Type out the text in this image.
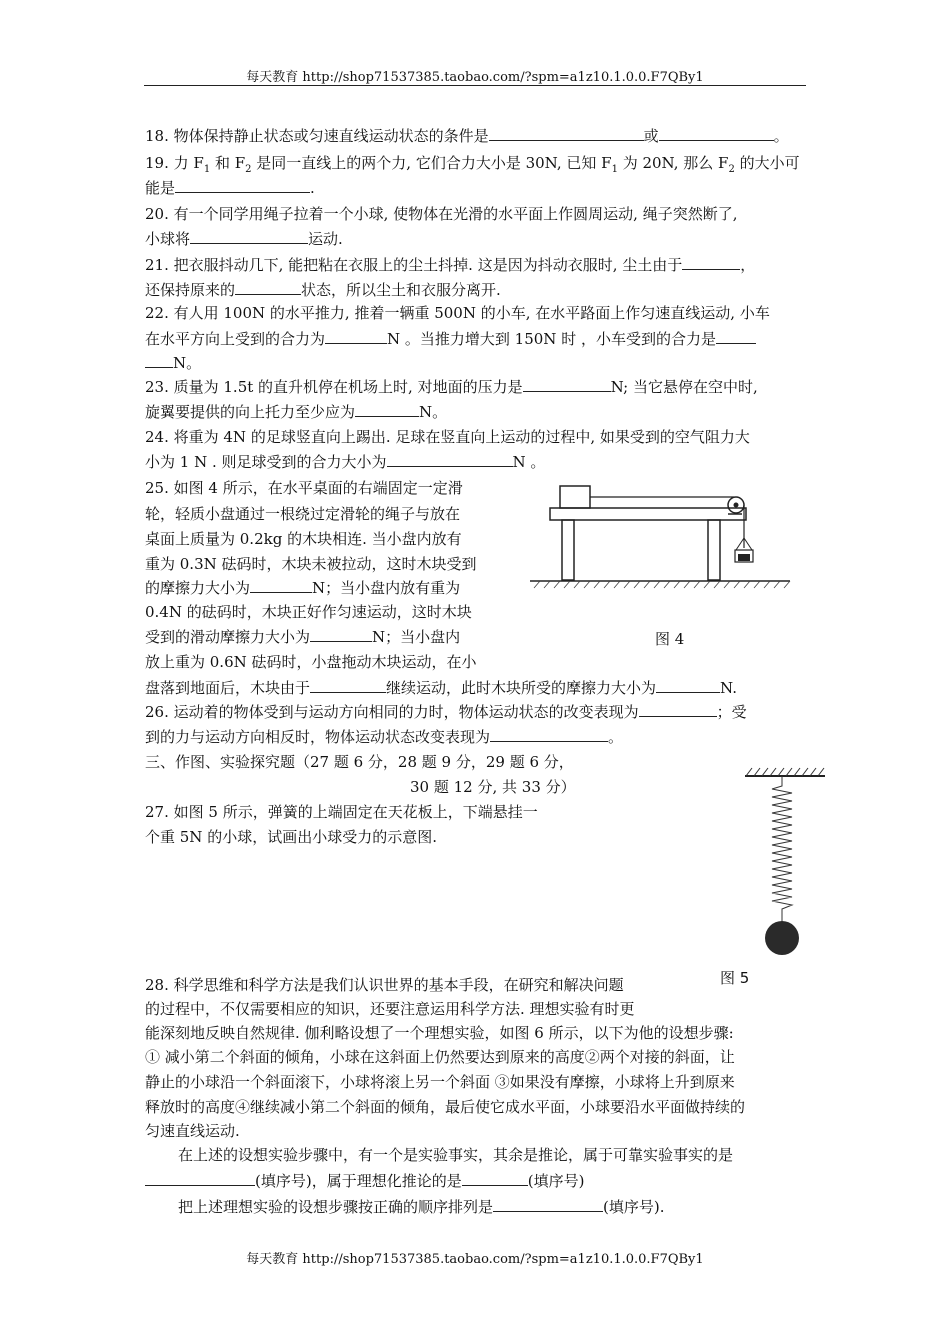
每天教育 http://shop71537385.taobao.com/?spm=a1z10.1.0.0.F7QBy1
18. 物体保持静止状态或匀速直线运动状态的条件是	或	。
19. 力 $F_1$ 和 $F_2$ 是同一直线上的两个力, 它们合力大小是 30N, 已知 $F_1$ 为 20N, 那么 $F_2$ 的大小可
能是	.
20. 有一个同学用绳子拉着一个小球, 使物体在光滑的水平面上作圆周运动, 绳子突然断了,
小球将	运动.
21. 把衣服抖动几下, 能把粘在衣服上的尘土抖掉. 这是因为抖动衣服时, 尘土由于	，
还保持原来的	状态，所以尘土和衣服分离开.
22. 有人用 100N 的水平推力, 推着一辆重 500N 的小车, 在水平路面上作匀速直线运动, 小车
在水平方向上受到的合力为	N 。当推力增大到 150N 时 ，小车受到的合力是
N。
23. 质量为 1.5t 的直升机停在机场上时, 对地面的压力是	N; 当它悬停在空中时,
旋翼要提供的向上托力至少应为	N。
24. 将重为 4N 的足球竖直向上踢出. 足球在竖直向上运动的过程中, 如果受到的空气阻力大
小为 1 N . 则足球受到的合力大小为	N 。
25. 如图 4 所示，在水平桌面的右端固定一定滑
轮，轻质小盘通过一根绕过定滑轮的绳子与放在
桌面上质量为 0.2kg 的木块相连. 当小盘内放有
重为 0.3N 砝码时，木块未被拉动，这时木块受到
的摩擦力大小为	N；当小盘内放有重为
0.4N 的砝码时，木块正好作匀速运动，这时木块
受到的滑动摩擦力大小为	N；当小盘内
放上重为 0.6N 砝码时，小盘拖动木块运动，在小
盘落到地面后，木块由于	继续运动，此时木块所受的摩擦力大小为	N.
图 4
26. 运动着的物体受到与运动方向相同的力时，物体运动状态的改变表现为	；受
到的力与运动方向相反时，物体运动状态改变表现为	。
三、作图、实验探究题（27 题 6 分，28 题 9 分，29 题 6 分，
30 题 12 分, 共 33 分）
27. 如图 5 所示，弹簧的上端固定在天花板上，下端悬挂一
个重 5N 的小球，试画出小球受力的示意图.
图 5
28. 科学思维和科学方法是我们认识世界的基本手段，在研究和解决问题
的过程中，不仅需要相应的知识，还要注意运用科学方法. 理想实验有时更
能深刻地反映自然规律. 伽利略设想了一个理想实验，如图 6 所示，以下为他的设想步骤:
① 减小第二个斜面的倾角，小球在这斜面上仍然要达到原来的高度②两个对接的斜面，让
静止的小球沿一个斜面滚下，小球将滚上另一个斜面 ③如果没有摩擦，小球将上升到原来
释放时的高度④继续减小第二个斜面的倾角，最后使它成水平面，小球要沿水平面做持续的
匀速直线运动.
在上述的设想实验步骤中，有一个是实验事实，其余是推论，属于可靠实验事实的是
(填序号)，属于理想化推论的是	(填序号)
把上述理想实验的设想步骤按正确的顺序排列是	(填序号).
每天教育 http://shop71537385.taobao.com/?spm=a1z10.1.0.0.F7QBy1
